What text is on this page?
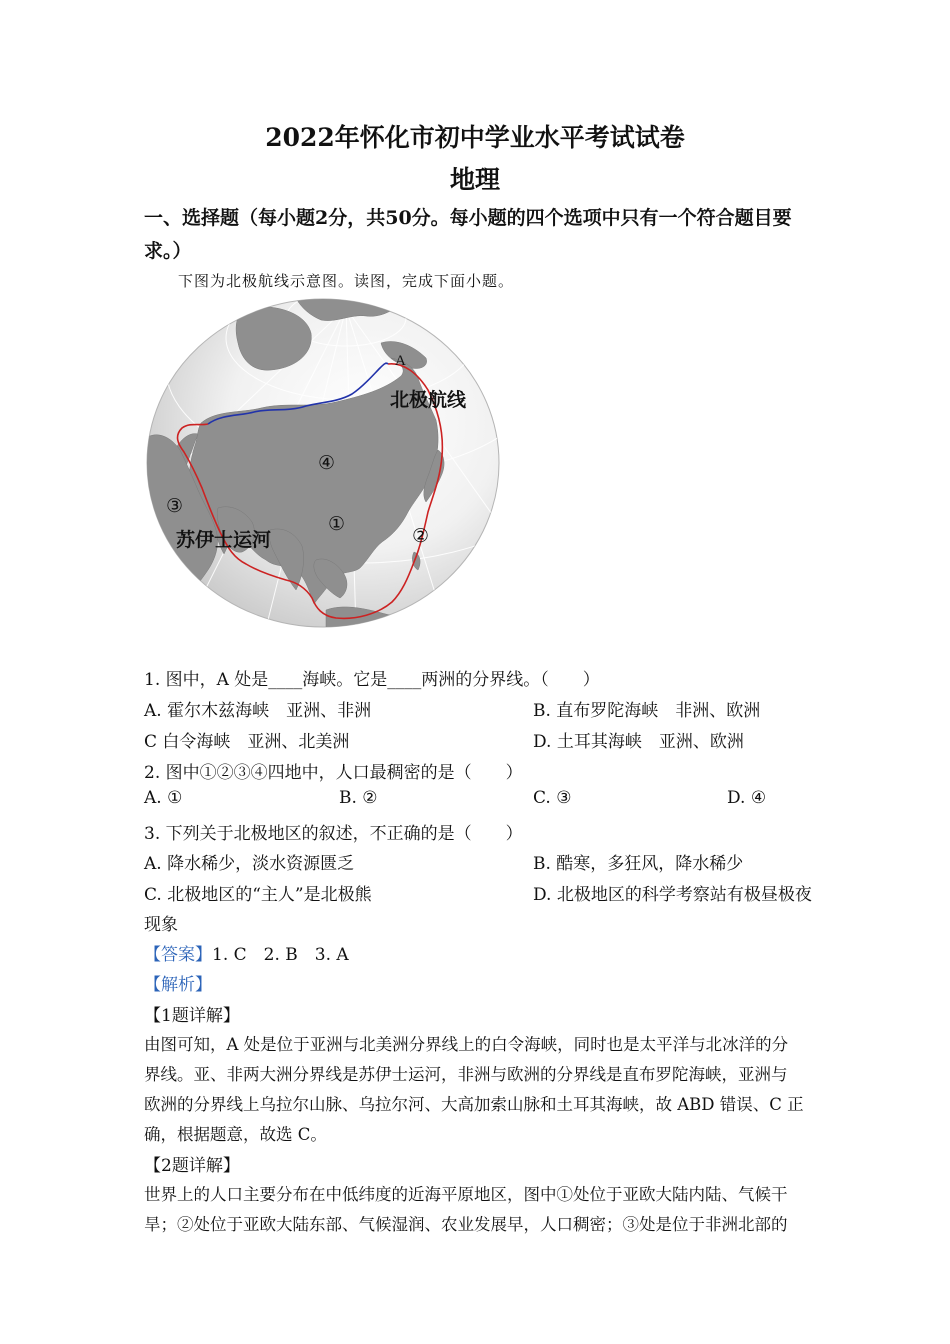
2022年怀化市初中学业水平考试试卷
地理
一、选择题（每小题2分，共50分。每小题的四个选项中只有一个符合题目要
求。）
下图为北极航线示意图。读图，完成下面小题。
A
北极航线
苏伊士运河
①
②
③
④
1. 图中，A 处是____海峡。它是____两洲的分界线。（　　）
A. 霍尔木兹海峡　亚洲、非洲	B. 直布罗陀海峡　非洲、欧洲
C 白令海峡　亚洲、北美洲	D. 土耳其海峡　亚洲、欧洲
2. 图中①②③④四地中，人口最稠密的是（　　）
A. ①	B. ②	C. ③	D. ④
3. 下列关于北极地区的叙述，不正确的是（　　）
A. 降水稀少，淡水资源匮乏	B. 酷寒，多狂风，降水稀少
C. 北极地区的“主人”是北极熊	D. 北极地区的科学考察站有极昼极夜
现象
【答案】1. C　2. B　3. A
【解析】
【1题详解】
由图可知，A 处是位于亚洲与北美洲分界线上的白令海峡，同时也是太平洋与北冰洋的分
界线。亚、非两大洲分界线是苏伊士运河，非洲与欧洲的分界线是直布罗陀海峡，亚洲与
欧洲的分界线上乌拉尔山脉、乌拉尔河、大高加索山脉和土耳其海峡，故 ABD 错误、C 正
确，根据题意，故选 C。
【2题详解】
世界上的人口主要分布在中低纬度的近海平原地区，图中①处位于亚欧大陆内陆、气候干
旱；②处位于亚欧大陆东部、气候湿润、农业发展早，人口稠密；③处是位于非洲北部的
